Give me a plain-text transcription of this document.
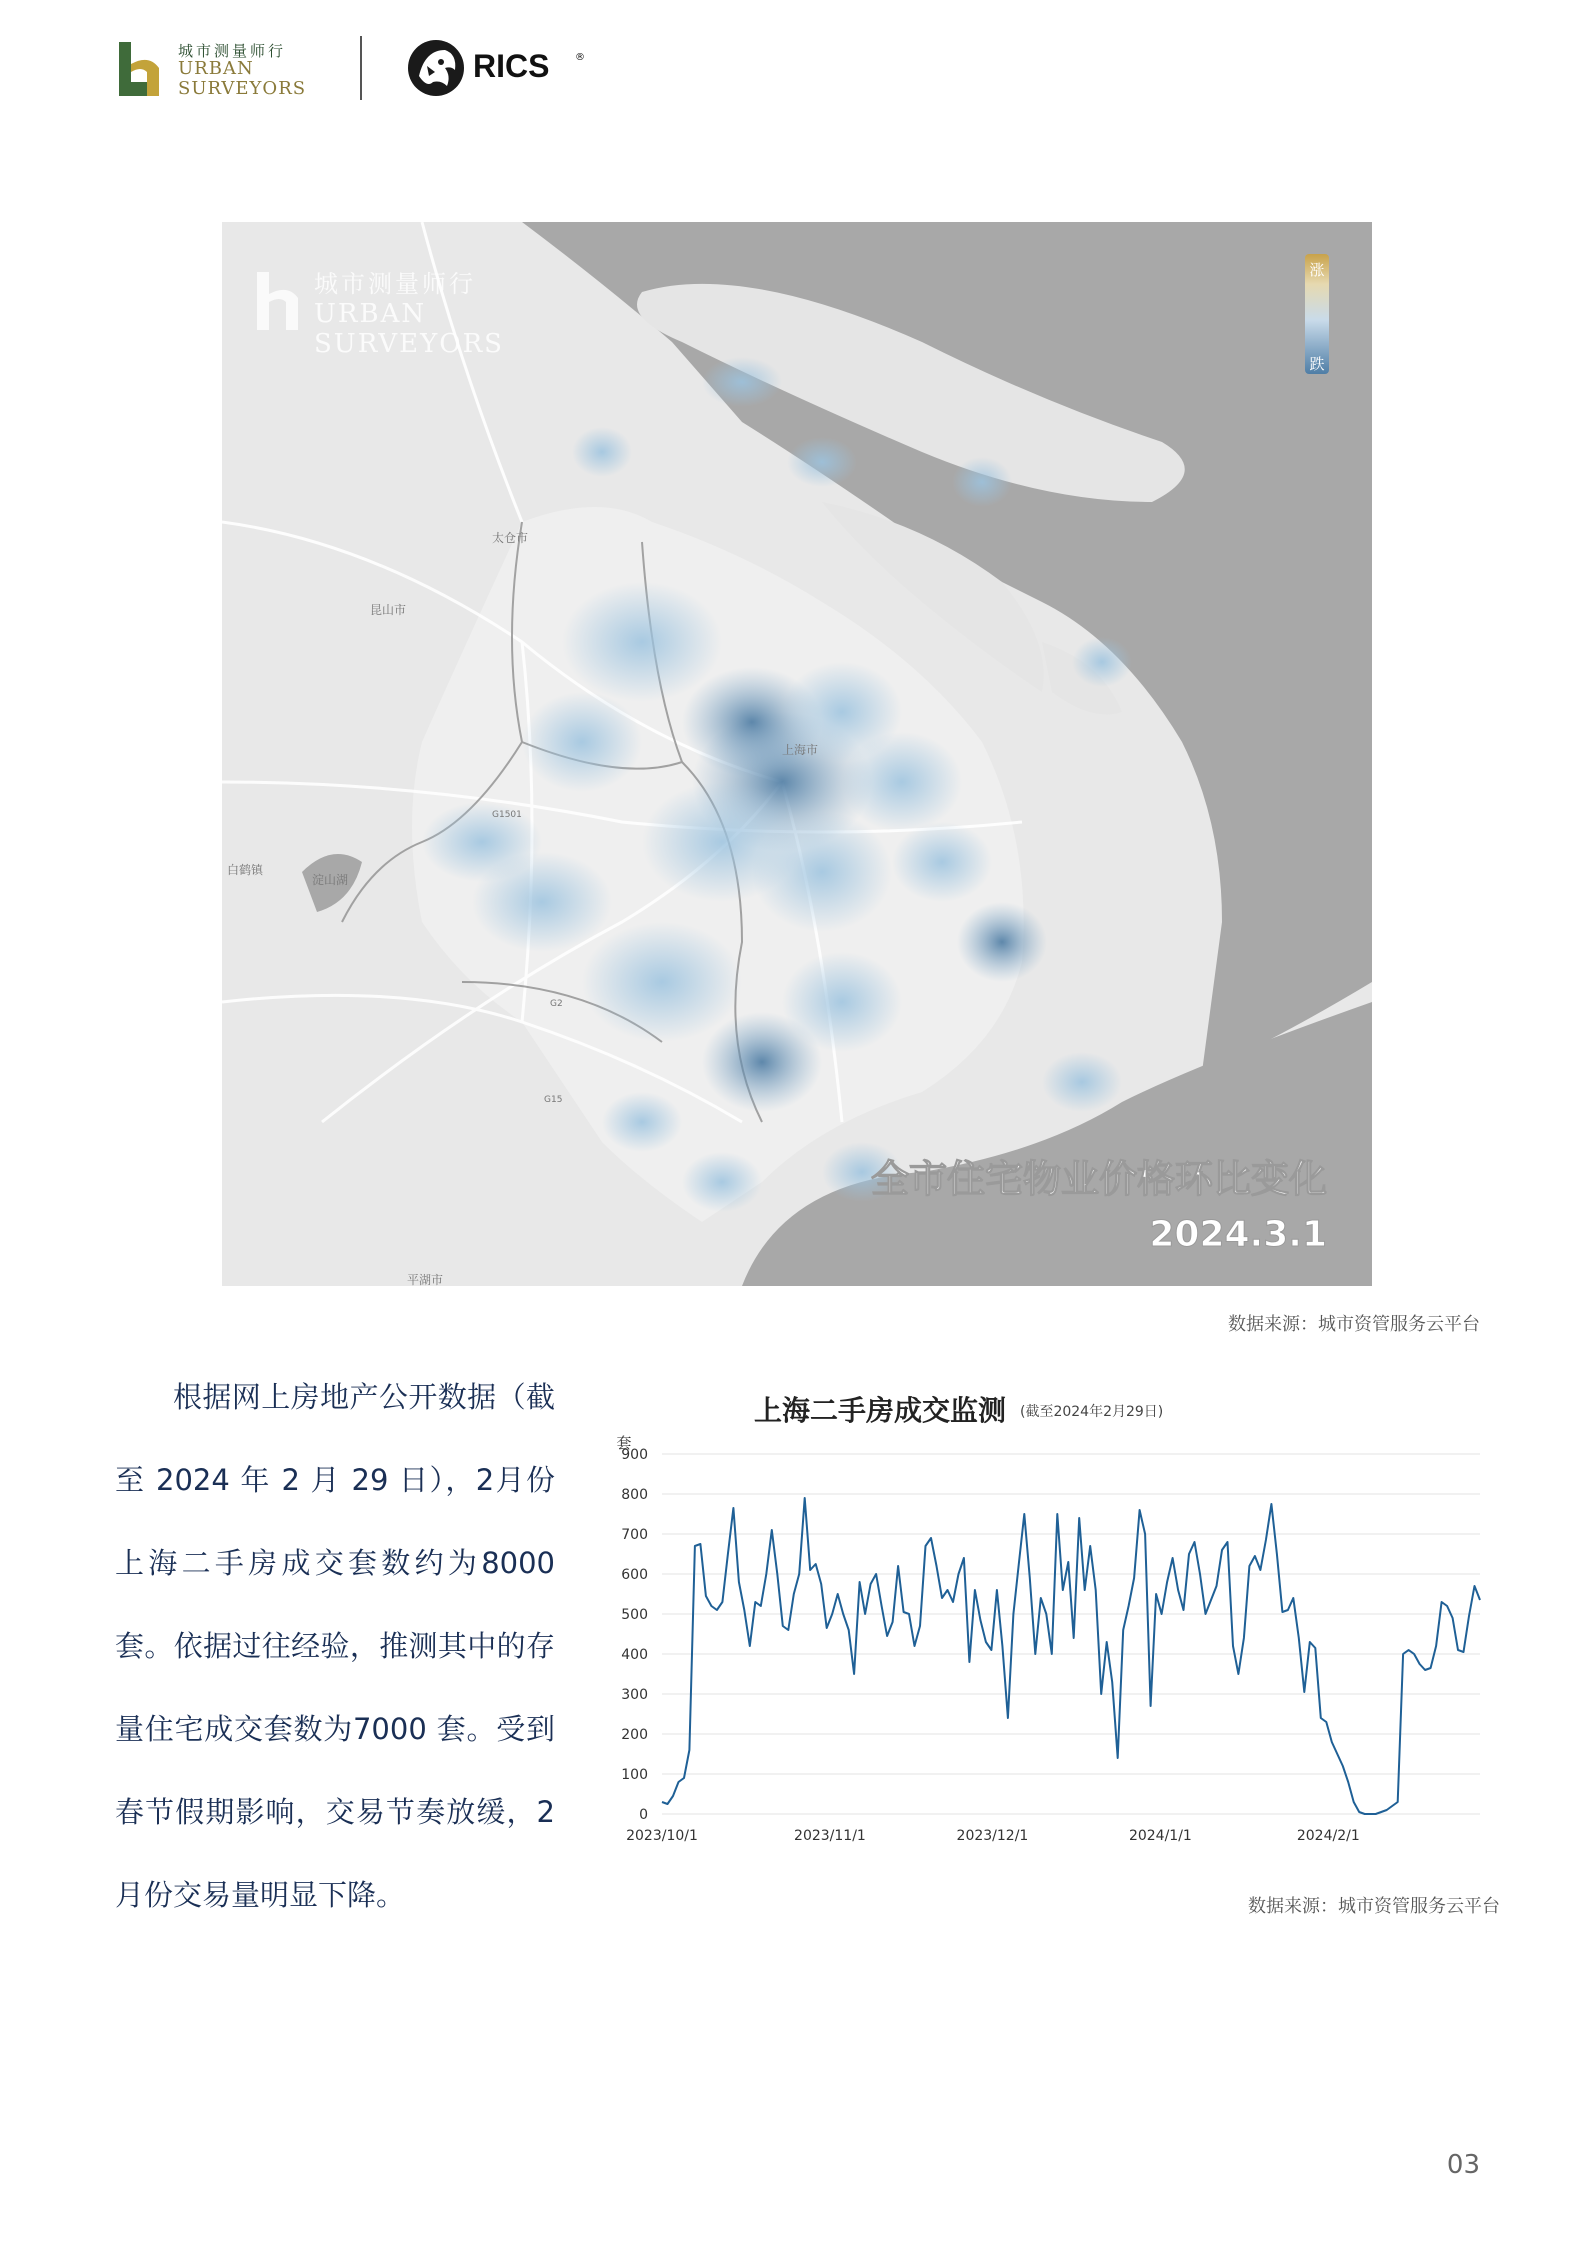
城市测量师行
URBAN
SURVEYORS
RICS	®
城市测量师行
URBAN
SURVEYORS
涨
跌
太仓市
昆山市
上海市
白鹤镇
淀山湖
平湖市
G1501
G15
G2
全市住宅物业价格环比变化
2024.3.1
数据来源：城市资管服务云平台

根据网上房地产公开数据（截至 2024 年 2 月 29 日），2月份上海二手房成交套数约为8000 套。依据过往经验，推测其中的存量住宅成交套数为7000 套。受到春节假期影响，交易节奏放缓，2 月份交易量明显下降。

上海二手房成交监测 (截至2024年2月29日)
套
0
100
200
300
400
500
600
700
800
900
2023/10/1	2023/11/1	2023/12/1	2024/1/1	2024/2/1
数据来源：城市资管服务云平台
03
